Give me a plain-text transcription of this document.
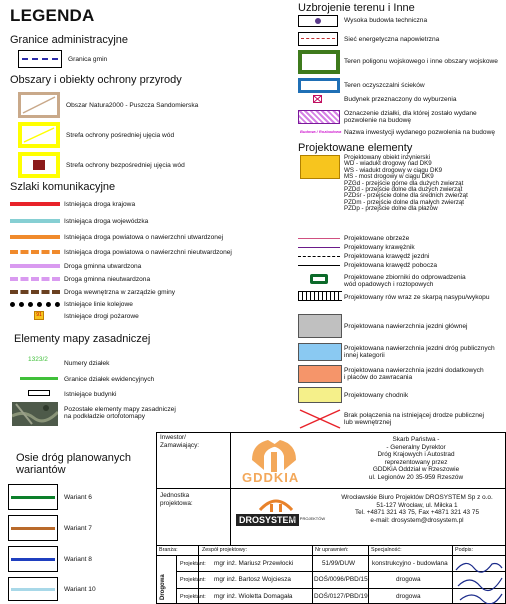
LEGENDA
Granice administracyjne
Granica gmin
Obszary i obiekty ochrony przyrody
Obszar Natura2000 - Puszcza Sandomierska
Strefa ochrony pośredniej ujęcia wód
Strefa ochrony bezpośredniej ujęcia wód
Szlaki komunikacyjne
Istniejąca droga krajowa
Istniejąca droga wojewódzka
Istniejąca droga powiatowa o nawierzchni utwardzonej
Istniejąca droga powiatowa o nawierzchni nieutwardzonej
Droga gminna utwardzona
Droga gminna nieutwardzona
Droga wewnętrzna w zarządzie gminy
Istniejące linie kolejowe
91	Istniejące drogi pożarowe
Elementy mapy zasadniczej
1323/2
Numery działek
Granice działek ewidencyjnych
Istniejące budynki
Pozostałe elementy mapy zasadniczej
na podkładzie ortofotomapy
Osie dróg planowanych
wariantów
Wariant 6
Wariant 7
Wariant 8
Wariant 10
Uzbrojenie terenu i Inne
Wysoka budowla techniczna
Sieć energetyczna napowietrzna
Teren poligonu wojskowego i inne obszary wojskowe
Teren oczyszczalni ścieków
Budynek przeznaczony do wyburzenia
Oznaczenie działki, dla której zostało wydane
pozwolenie na budowę
Budowa / Rozbudowa Nazwa inwestycji wydanego pozwolenia na budowę
Projektowane elementy
Projektowany obiekt inżynierski
WD - wiadukt drogowy nad DK9
WS - wiadukt drogowy w ciągu DK9
MS - most drogowy w ciągu DK9
PZGd - przejście górne dla dużych zwierząt
PZDd - przejście dolne dla dużych zwierząt
PZDśr - przejście dolne dla średnich zwierząt
PZDm - przejście dolne dla małych zwierząt
PZDp - przejście dolne dla płazów
Projektowane obrzeże
Projektowany krawężnik
Projektowana krawędź jezdni
Projektowana krawędź pobocza
Projektowane zbiorniki do odprowadzenia
wód opadowych i roztopowych
Projektowany rów wraz ze skarpą nasypu/wykopu
Projektowana nawierzchnia jezdni głównej
Projektowana nawierzchnia jezdni dróg publicznych
innej kategorii
Projektowana nawierzchnia jezdni dodatkowych
i placów do zawracania
Projektowany chodnik
Brak połączenia na istniejącej drodze publicznej
lub wewnętrznej
Inwestor/
Zamawiający:
GDDKIA
Skarb Państwa -
- Generalny Dyrektor
Dróg Krajowych i Autostrad
reprezentowany przez
GDDKiA Oddział w Rzeszowie
ul. Legionów 20 35-959 Rzeszów
Jednostka
projektowa:
DROSYSTEM
BIURO PROJEKTÓW
Wrocławskie Biuro Projektów DROSYSTEM Sp z o.o.
51-127 Wrocław, ul. Miłcka 1
Tel. +4871 321 43 75, Fax +4871 321 43 75
e-mail: drosystem@drosystem.pl
Branża:	Zespół projektowy:	Nr uprawnień:	Specjalność:	Podpis:
Drogowa
Projektant: mgr inż. Mariusz Przewłocki	51/99/DUW	konstrukcyjno - budowlana
Projektant: mgr inż. Bartosz Wojciesza	DOŚ/0096/PBD/15	drogowa
Projektant: mgr inż. Wioletta Domagała	DOŚ/0127/PBD/19	drogowa
